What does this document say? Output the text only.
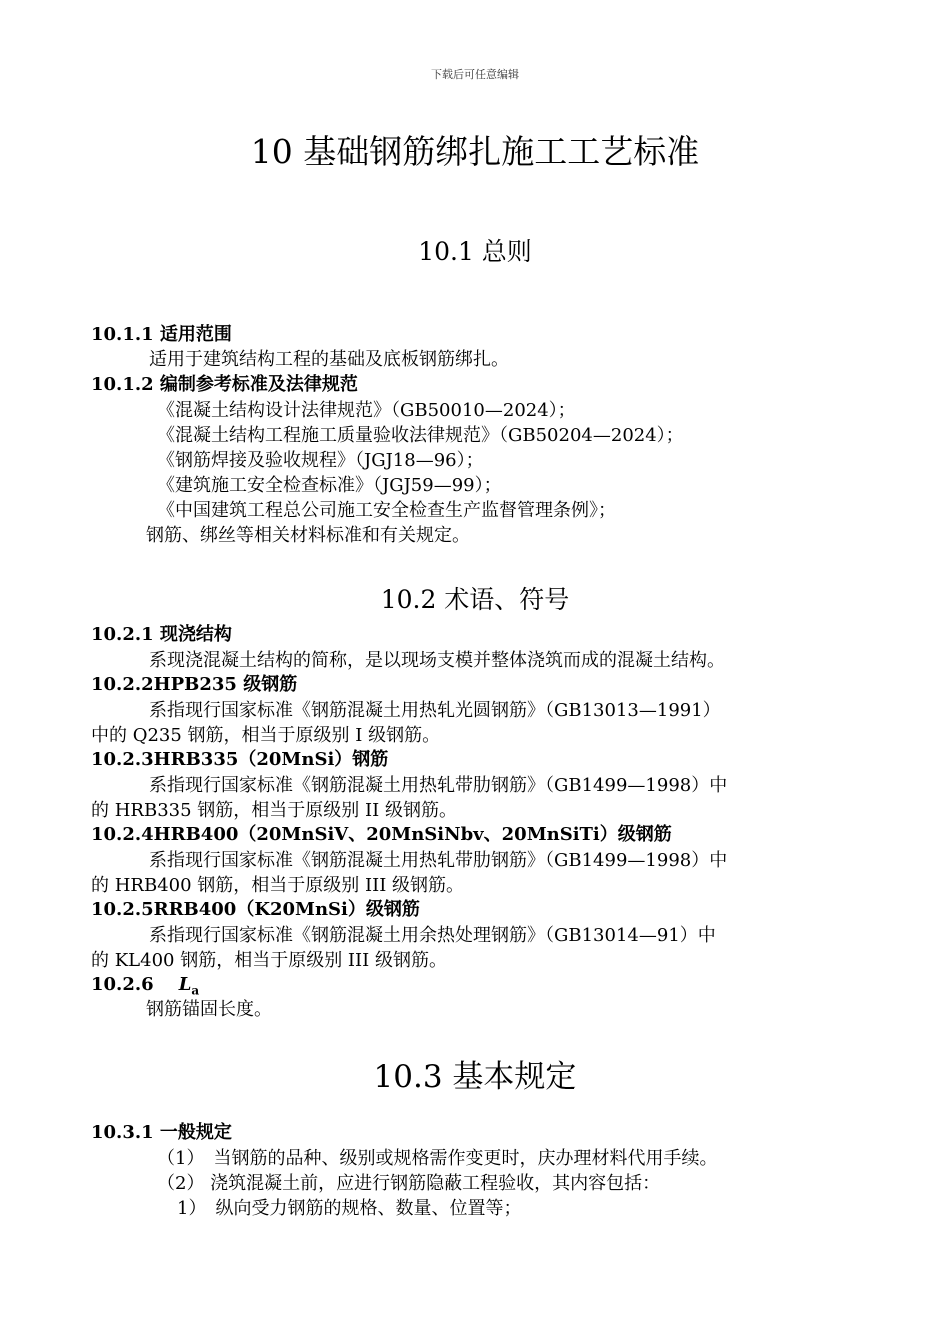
下载后可任意编辑
10 基础钢筋绑扎施工工艺标准
10.1 总则
10.1.1 适用范围
适用于建筑结构工程的基础及底板钢筋绑扎。
10.1.2 编制参考标准及法律规范
《混凝土结构设计法律规范》（GB50010—2024）；
《混凝土结构工程施工质量验收法律规范》（GB50204—2024）；
《钢筋焊接及验收规程》（JGJ18—96）；
《建筑施工安全检查标准》（JGJ59—99）；
《中国建筑工程总公司施工安全检查生产监督管理条例》；
钢筋、绑丝等相关材料标准和有关规定。
10.2 术语、符号
10.2.1 现浇结构
系现浇混凝土结构的简称，是以现场支模并整体浇筑而成的混凝土结构。
10.2.2HPB235 级钢筋
系指现行国家标准《钢筋混凝土用热轧光圆钢筋》（GB13013—1991）
中的 Q235 钢筋，相当于原级别 I 级钢筋。
10.2.3HRB335（20MnSi）钢筋
系指现行国家标准《钢筋混凝土用热轧带肋钢筋》（GB1499—1998）中
的 HRB335 钢筋，相当于原级别 II 级钢筋。
10.2.4HRB400（20MnSiV、20MnSiNbv、20MnSiTi）级钢筋
系指现行国家标准《钢筋混凝土用热轧带肋钢筋》（GB1499—1998）中
的 HRB400 钢筋，相当于原级别 III 级钢筋。
10.2.5RRB400（K20MnSi）级钢筋
系指现行国家标准《钢筋混凝土用余热处理钢筋》（GB13014—91）中
的 KL400 钢筋，相当于原级别 III 级钢筋。
10.2.6 $L_a$
钢筋锚固长度。
10.3 基本规定
10.3.1 一般规定
（1）　当钢筋的品种、级别或规格需作变更时，庆办理材料代用手续。
（2） 浇筑混凝土前，应进行钢筋隐蔽工程验收，其内容包括：
1）　纵向受力钢筋的规格、数量、位置等；
